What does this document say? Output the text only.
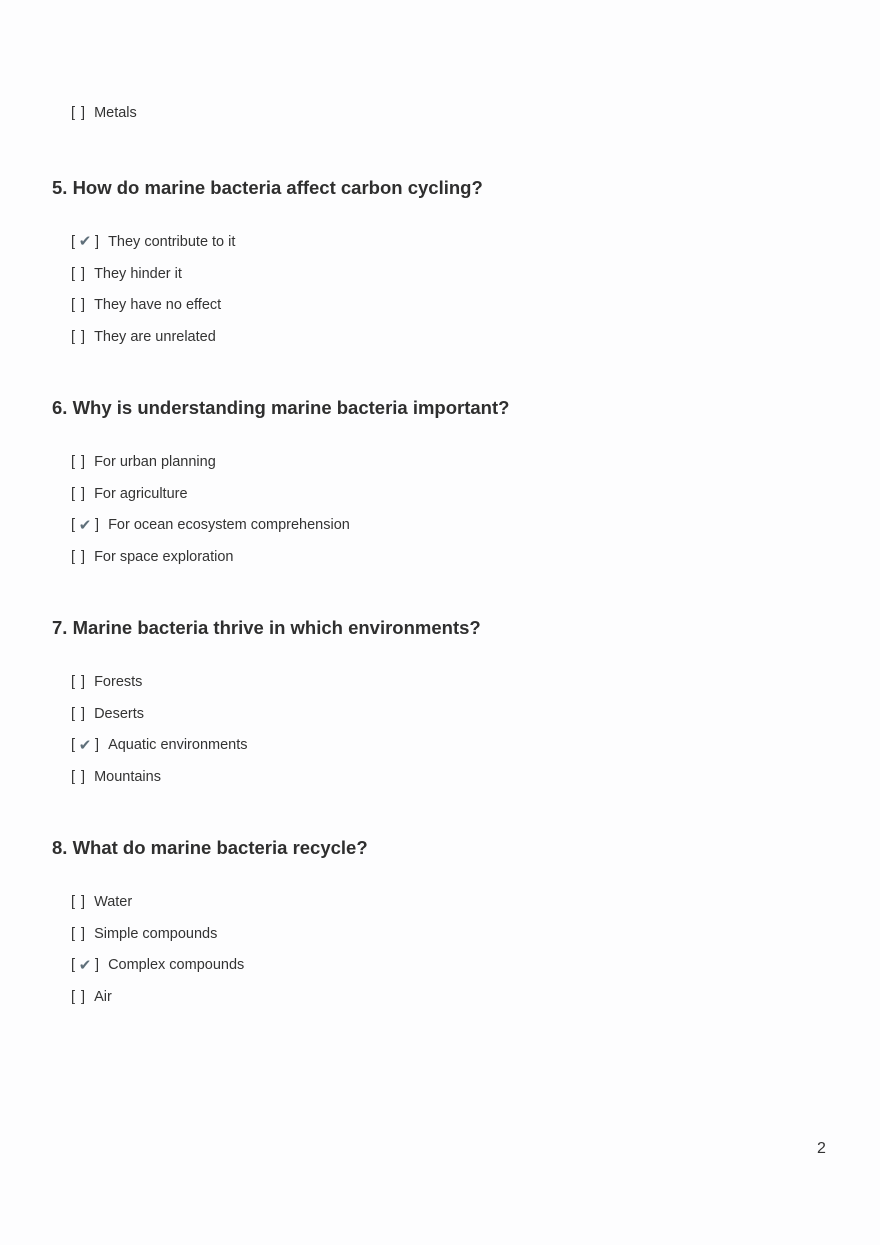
[ ] Metals
5. How do marine bacteria affect carbon cycling?
[ ✔ ] They contribute to it
[ ] They hinder it
[ ] They have no effect
[ ] They are unrelated
6. Why is understanding marine bacteria important?
[ ] For urban planning
[ ] For agriculture
[ ✔ ] For ocean ecosystem comprehension
[ ] For space exploration
7. Marine bacteria thrive in which environments?
[ ] Forests
[ ] Deserts
[ ✔ ] Aquatic environments
[ ] Mountains
8. What do marine bacteria recycle?
[ ] Water
[ ] Simple compounds
[ ✔ ] Complex compounds
[ ] Air
2
